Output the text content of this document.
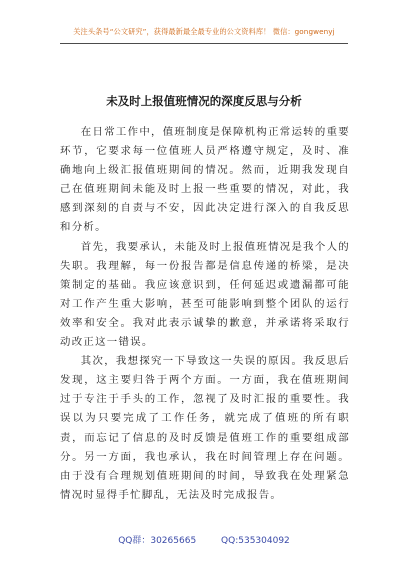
关注头条号“公文研究”，获得最新最全最专业的公文资料库！ 微信：gongwenyj
未及时上报值班情况的深度反思与分析

在日常工作中，值班制度是保障机构正常运转的重要环节，它要求每一位值班人员严格遵守规定，及时、准确地向上级汇报值班期间的情况。然而，近期我发现自己在值班期间未能及时上报一些重要的情况，对此，我感到深刻的自责与不安，因此决定进行深入的自我反思和分析。

首先，我要承认，未能及时上报值班情况是我个人的失职。我理解，每一份报告都是信息传递的桥梁，是决策制定的基础。我应该意识到，任何延迟或遗漏都可能对工作产生重大影响，甚至可能影响到整个团队的运行效率和安全。我对此表示诚挚的歉意，并承诺将采取行动改正这一错误。

其次，我想探究一下导致这一失误的原因。我反思后发现，这主要归咎于两个方面。一方面，我在值班期间过于专注于手头的工作，忽视了及时汇报的重要性。我误以为只要完成了工作任务，就完成了值班的所有职责，而忘记了信息的及时反馈是值班工作的重要组成部分。另一方面，我也承认，我在时间管理上存在问题。由于没有合理规划值班期间的时间，导致我在处理紧急情况时显得手忙脚乱，无法及时完成报告。

QQ群：30265665	QQ:535304092
